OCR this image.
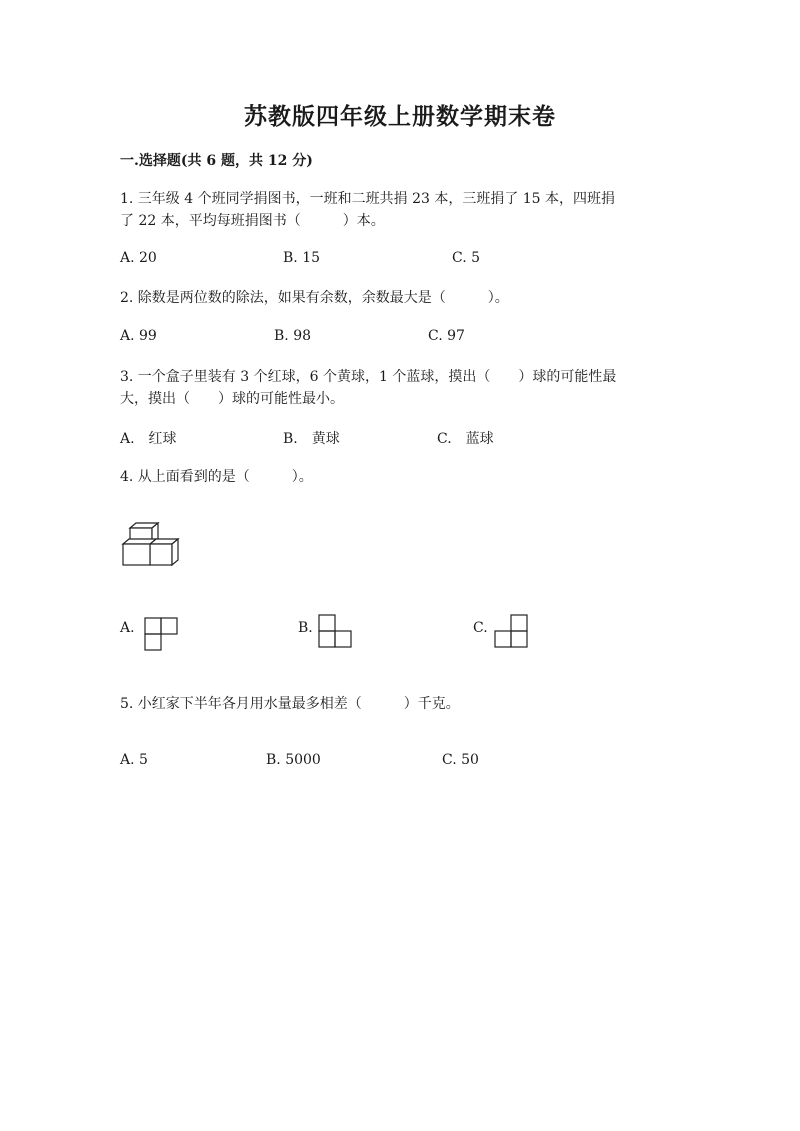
苏教版四年级上册数学期末卷
一.选择题(共 6 题，共 12 分)
1. 三年级 4 个班同学捐图书，一班和二班共捐 23 本，三班捐了 15 本，四班捐
了 22 本，平均每班捐图书（　　　）本。
A. 20	B. 15	C. 5
2. 除数是两位数的除法，如果有余数，余数最大是（　　　）。
A. 99	B. 98	C. 97
3. 一个盒子里装有 3 个红球，6 个黄球，1 个蓝球，摸出（　　）球的可能性最
大，摸出（　　）球的可能性最小。
A.　红球	B.　黄球	C.　蓝球
4. 从上面看到的是（　　　）。
A.	B.	C.
5. 小红家下半年各月用水量最多相差（　　　）千克。
A. 5	B. 5000	C. 50
